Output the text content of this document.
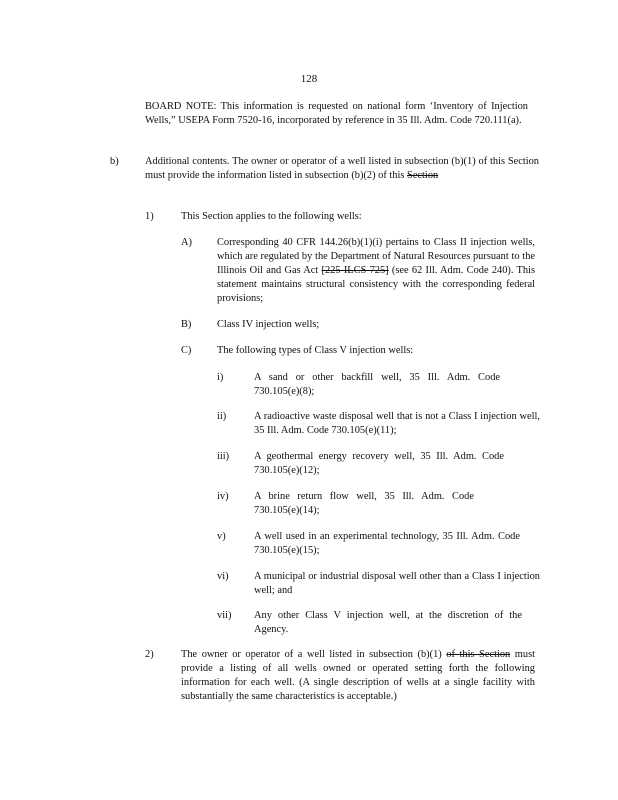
128
BOARD NOTE: This information is requested on national form ‘Inventory of Injection Wells,” USEPA Form 7520-16, incorporated by reference in 35 Ill. Adm. Code 720.111(a).
b)	Additional contents. The owner or operator of a well listed in subsection (b)(1) of this Section must provide the information listed in subsection (b)(2) of this Section
1)	This Section applies to the following wells:
A) Corresponding 40 CFR 144.26(b)(1)(i) pertains to Class II injection wells, which are regulated by the Department of Natural Resources pursuant to the Illinois Oil and Gas Act [225 ILCS 725] (see 62 Ill. Adm. Code 240). This statement maintains structural consistency with the corresponding federal provisions;
B) Class IV injection wells;
C) The following types of Class V injection wells:
i)	A sand or other backfill well, 35 Ill. Adm. Code 730.105(e)(8);
ii)	A radioactive waste disposal well that is not a Class I injection well, 35 Ill. Adm. Code 730.105(e)(11);
iii) A geothermal energy recovery well, 35 Ill. Adm. Code 730.105(e)(12);
iv) A brine return flow well, 35 Ill. Adm. Code 730.105(e)(14);
v)	A well used in an experimental technology, 35 Ill. Adm. Code 730.105(e)(15);
vi) A municipal or industrial disposal well other than a Class I injection well; and
vii) Any other Class V injection well, at the discretion of the Agency.
2)	The owner or operator of a well listed in subsection (b)(1) of this Section must provide a listing of all wells owned or operated setting forth the following information for each well. (A single description of wells at a single facility with substantially the same characteristics is acceptable.)
